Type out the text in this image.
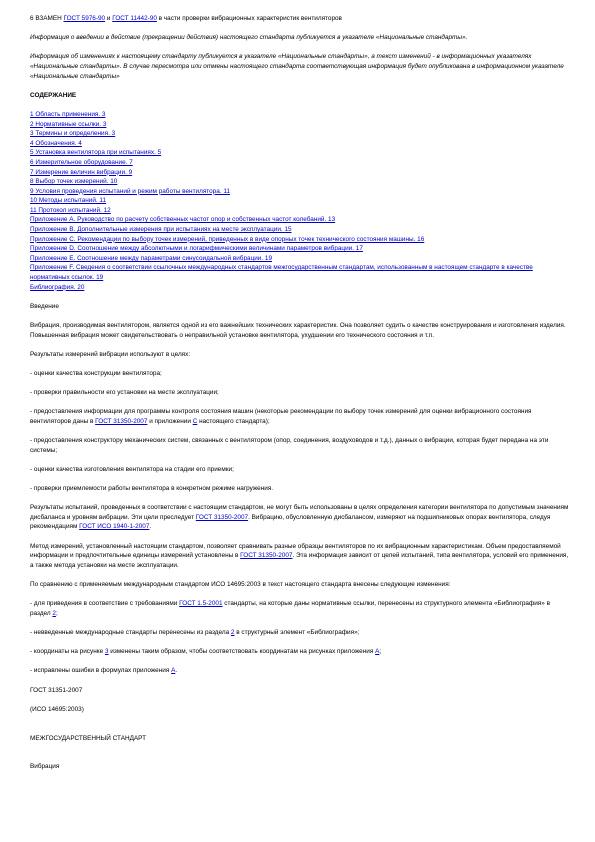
6 ВЗАМЕН ГОСТ 5976-90 и ГОСТ 11442-90 в части проверки вибрационных характеристик вентиляторов

Информация о введении в действие (прекращении действия) настоящего стандарта публикуется в указателе «Национальные стандарты».

Информация об изменениях к настоящему стандарту публикуется в указателе «Национальные стандарты», а текст изменений - в информационных указателях «Национальные стандарты». В случае пересмотра или отмены настоящего стандарта соответствующая информация будет опубликована в информационном указателе «Национальные стандарты»

СОДЕРЖАНИЕ

1 Область применения. 3
2 Нормативные ссылки. 3
3 Термины и определения. 3
4 Обозначения. 4
5 Установка вентилятора при испытаниях. 5
6 Измерительное оборудование. 7
7 Измерение величин вибрации. 9
8 Выбор точек измерений. 10
9 Условия проведения испытаний и режим работы вентилятора. 11
10 Методы испытаний. 11
11 Протокол испытаний. 12
Приложение А. Руководство по расчету собственных частот опор и собственных частот колебаний. 13
Приложение В. Дополнительные измерения при испытаниях на месте эксплуатации. 15
Приложение С. Рекомендации по выбору точек измерений, приведенных в виде опорных точек технического состояния машины. 16
Приложение D. Соотношение между абсолютными и логарифмическими величинами параметров вибрации. 17
Приложение Е. Соотношение между параметрами синусоидальной вибрации. 19
Приложение F. Сведения о соответствии ссылочных международных стандартов межгосударственным стандартам, использованным в настоящем стандарте в качестве нормативных ссылок. 19
Библиография. 20

Введение

Вибрация, производимая вентилятором, является одной из его важнейших технических характеристик. Она позволяет судить о качестве конструирования и изготовления изделия. Повышенная вибрация может свидетельствовать о неправильной установке вентилятора, ухудшении его технического состояния и т.п.

Результаты измерений вибрации используют в целях:

- оценки качества конструкции вентилятора;

- проверки правильности его установки на месте эксплуатации;

- предоставления информации для программы контроля состояния машин (некоторые рекомендации по выбору точек измерений для оценки вибрационного состояния вентиляторов даны в ГОСТ 31350-2007 и приложении С настоящего стандарта);

- предоставления конструктору механических систем, связанных с вентилятором (опор, соединения, воздуховодов и т.д.), данных о вибрации, которая будет передана на эти системы;

- оценки качества изготовления вентилятора на стадии его приемки;

- проверки приемлемости работы вентилятора в конкретном режиме нагружения.

Результаты испытаний, проведенных в соответствии с настоящим стандартом, не могут быть использованы в целях определения категории вентилятора по допустимым значениям дисбаланса и уровням вибрации. Эти цели преследует ГОСТ 31350-2007. Вибрацию, обусловленную дисбалансом, измеряют на подшипниковых опорах вентилятора, следуя рекомендациям ГОСТ ИСО 1940-1-2007.

Метод измерений, установленный настоящим стандартом, позволяет сравнивать разные образцы вентиляторов по их вибрационным характеристикам. Объем предоставляемой информации и предпочтительные единицы измерений установлены в ГОСТ 31350-2007. Эта информация зависит от целей испытаний, типа вентилятора, условий его применения, а также метода установки на месте эксплуатации.

По сравнению с применяемым международным стандартом ИСО 14695:2003 в текст настоящего стандарта внесены следующие изменения:

- для приведения в соответствие с требованиями ГОСТ 1.5-2001 стандарты, на которые даны нормативные ссылки, перенесены из структурного элемента «Библиография» в раздел 2;

- невведенные международные стандарты перенесены из раздела 2 в структурный элемент «Библиография»;

- координаты на рисунке 3 изменены таким образом, чтобы соответствовать координатам на рисунках приложения А;

- исправлены ошибки в формулах приложения А.

ГОСТ 31351-2007

(ИСО 14695:2003)

МЕЖГОСУДАРСТВЕННЫЙ СТАНДАРТ

Вибрация
